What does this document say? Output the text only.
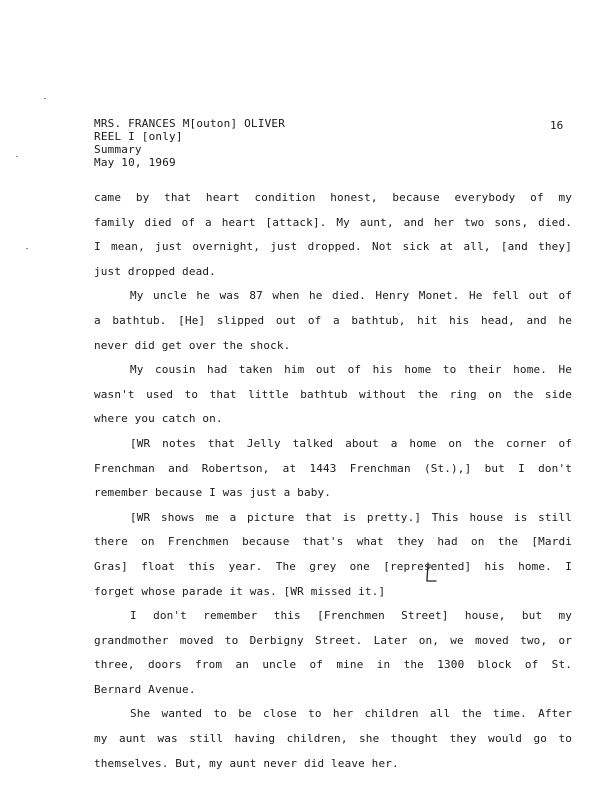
MRS. FRANCES M[outon] OLIVER
REEL I [only]
Summary
May 10, 1969
16
came by that heart condition honest, because everybody of my
family died of a heart [attack]. My aunt, and her two sons, died.
I mean, just overnight, just dropped. Not sick at all, [and they]
just dropped dead.
My uncle he was 87 when he died. Henry Monet. He fell out of
a bathtub. [He] slipped out of a bathtub, hit his head, and he
never did get over the shock.
My cousin had taken him out of his home to their home. He
wasn't used to that little bathtub without the ring on the side
where you catch on.
[WR notes that Jelly talked about a home on the corner of
Frenchman and Robertson, at 1443 Frenchman (St.),] but I don't
remember because I was just a baby.
[WR shows me a picture that is pretty.] This house is still
there on Frenchmen because that's what they had on the [Mardi
Gras] float this year. The grey one [represented] his home. I
forget whose parade it was. [WR missed it.]
I don't remember this [Frenchmen Street] house, but my
grandmother moved to Derbigny Street. Later on, we moved two, or
three, doors from an uncle of mine in the 1300 block of St.
Bernard Avenue.
She wanted to be close to her children all the time. After
my aunt was still having children, she thought they would go to
themselves. But, my aunt never did leave her.
